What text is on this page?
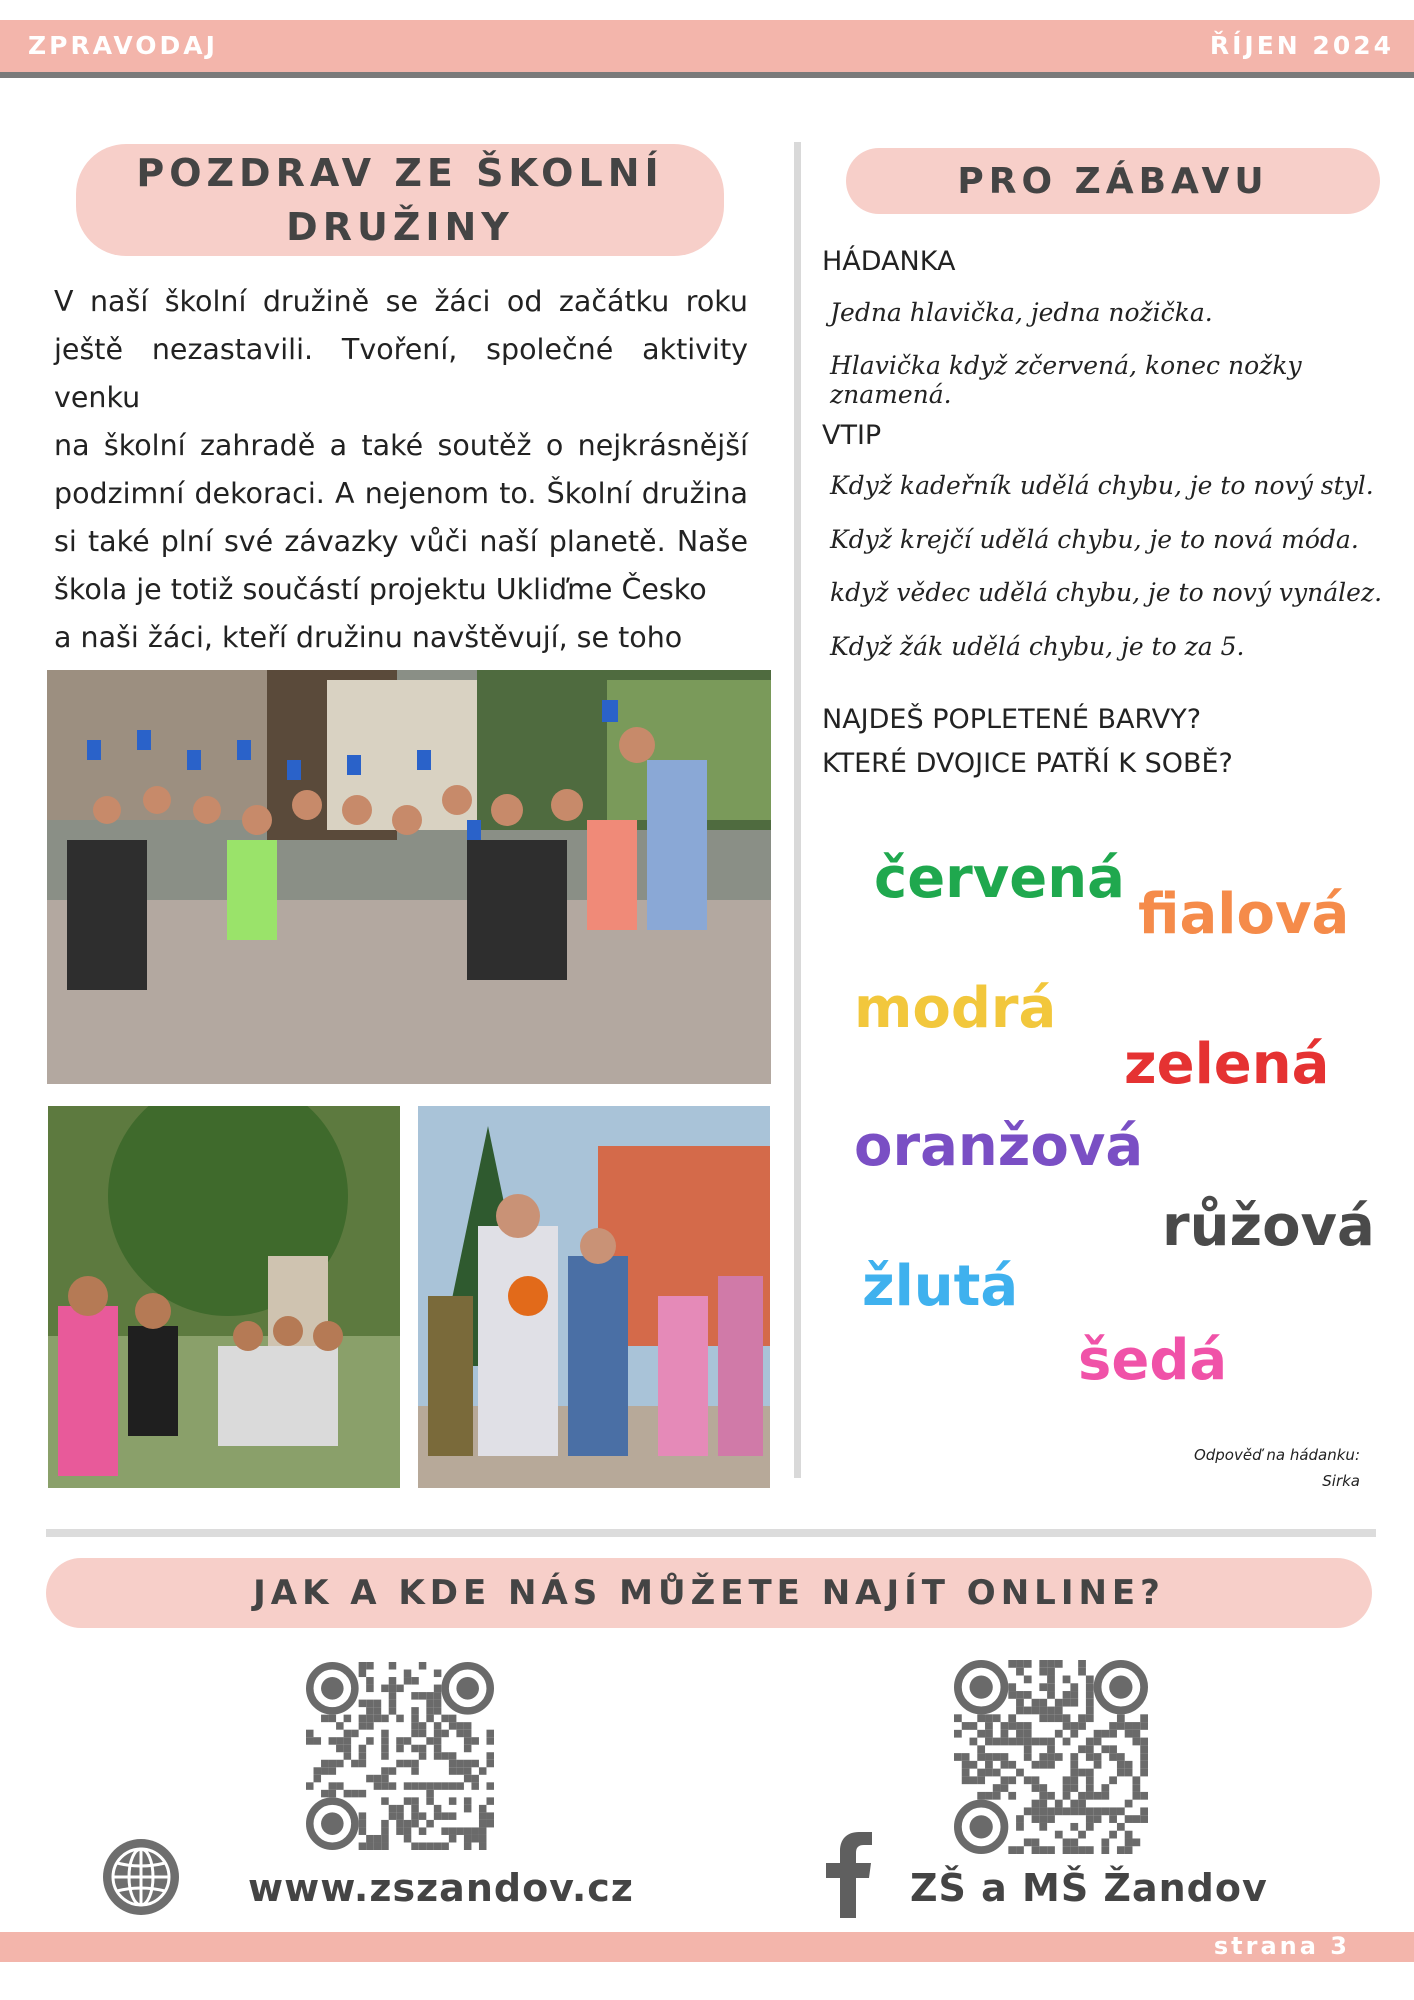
ZPRAVODAJ	ŘÍJEN 2024
POZDRAV ZE ŠKOLNÍ
DRUŽINY
V naší školní družině se žáci od začátku roku
ještě nezastavili. Tvoření, společné aktivity venku
na školní zahradě a také soutěž o nejkrásnější
podzimní dekoraci. A nejenom to. Školní družina
si také plní své závazky vůči naší planetě. Naše
škola je totiž součástí projektu Ukliďme Česko
a naši žáci, kteří družinu navštěvují, se toho
PRO ZÁBAVU
HÁDANKA
Jedna hlavička, jedna nožička.
Hlavička když zčervená, konec nožky znamená.
VTIP
Když kadeřník udělá chybu, je to nový styl.
Když krejčí udělá chybu, je to nová móda.
když vědec udělá chybu, je to nový vynález.
Když žák udělá chybu, je to za 5.
NAJDEŠ POPLETENÉ BARVY?
KTERÉ DVOJICE PATŘÍ K SOBĚ?
červená
fialová
modrá
zelená
oranžová
růžová
žlutá
šedá
Odpověď na hádanku:
Sirka
JAK A KDE NÁS MŮŽETE NAJÍT ONLINE?
www.zszandov.cz	ZŠ a MŠ Žandov
strana 3
